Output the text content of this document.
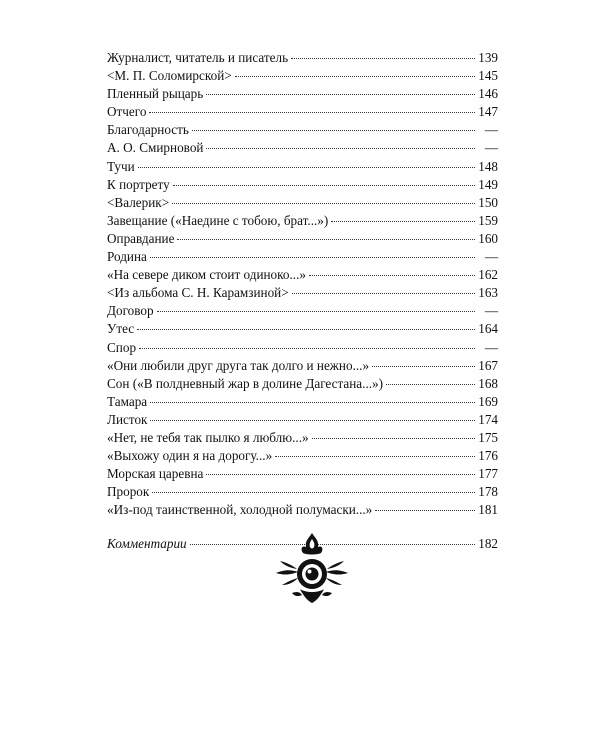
Журналист, читатель и писатель	139
<М. П. Соломирской>	145
Пленный рыцарь	146
Отчего	147
Благодарность	—
А. О. Смирновой	—
Тучи	148
К портрету	149
<Валерик>	150
Завещание («Наедине с тобою, брат...»)	159
Оправдание	160
Родина	—
«На севере диком стоит одиноко...»	162
<Из альбома С. Н. Карамзиной>	163
Договор	—
Утес	164
Спор	—
«Они любили друг друга так долго и нежно...»	167
Сон («В полдневный жар в долине Дагестана...»)	168
Тамара	169
Листок	174
«Нет, не тебя так пылко я люблю...»	175
«Выхожу один я на дорогу...»	176
Морская царевна	177
Пророк	178
«Из-под таинственной, холодной полумаски...»	181
Комментарии	182
